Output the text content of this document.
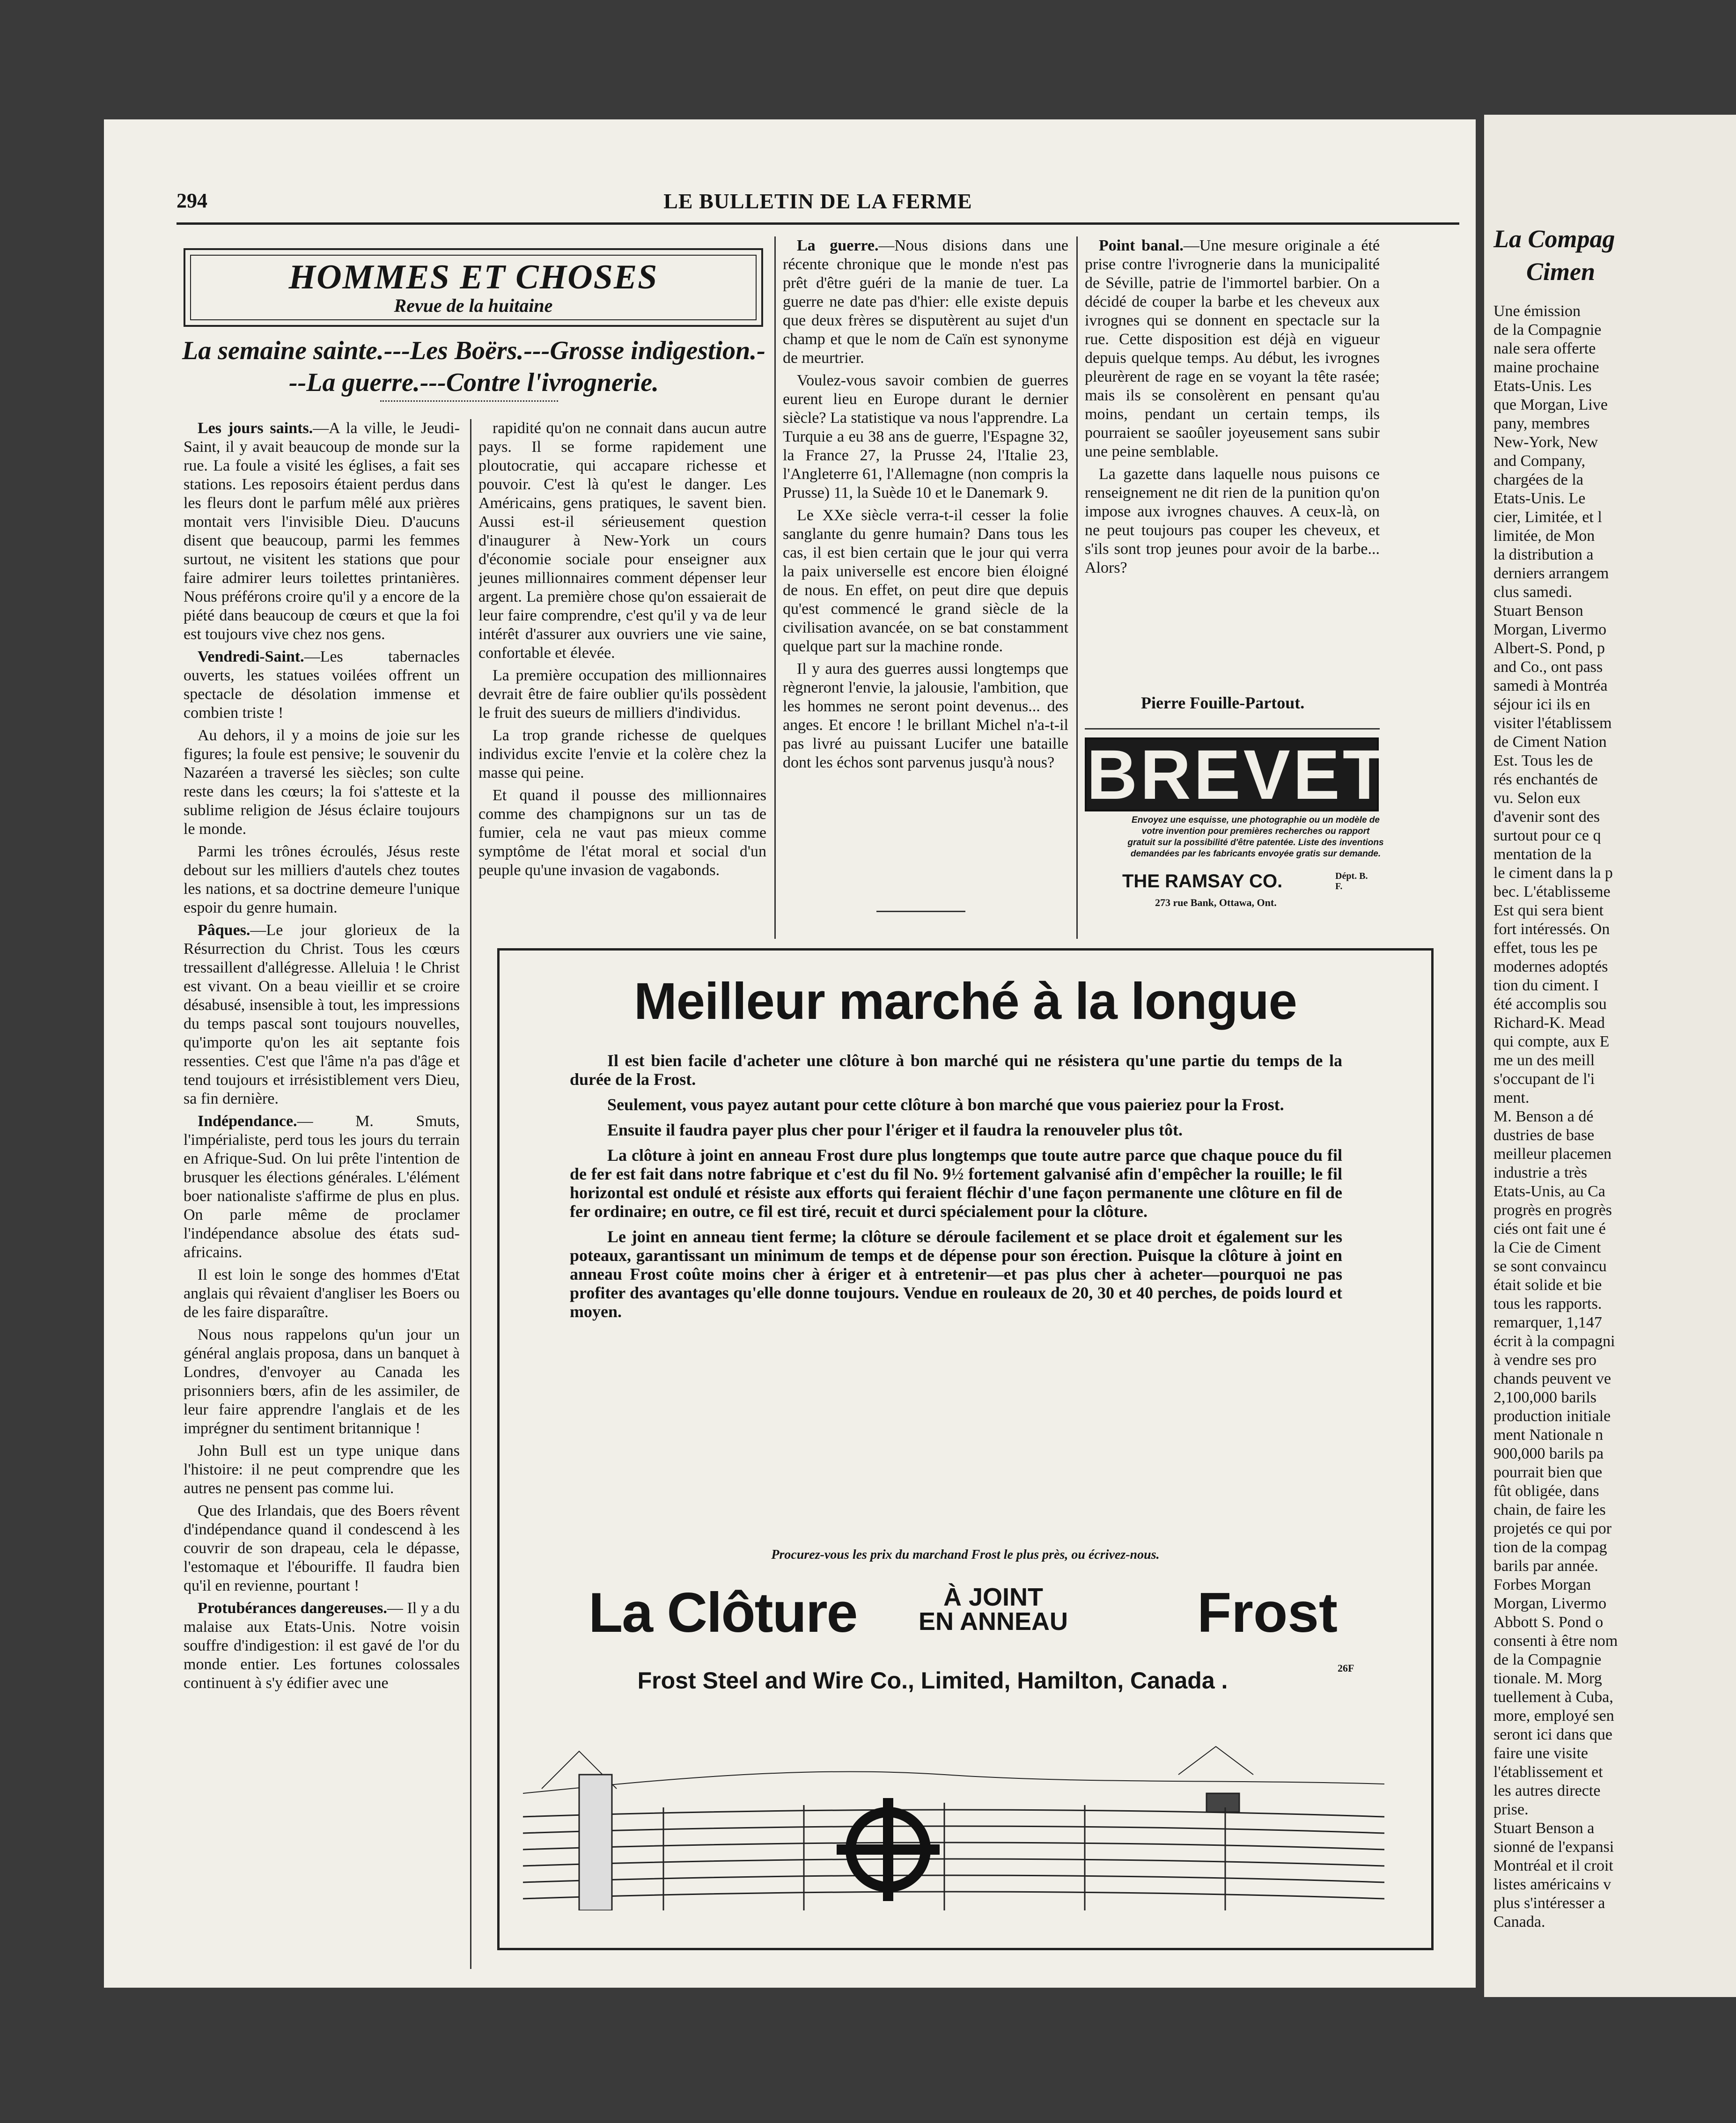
294	LE BULLETIN DE LA FERME
HOMMES ET CHOSES
Revue de la huitaine
La semaine sainte.---Les Boërs.---Grosse indigestion.---La guerre.---Contre l'ivrognerie.

Les jours saints.—A la ville, le Jeudi-Saint, il y avait beaucoup de monde sur la rue. La foule a visité les églises, a fait ses stations. Les reposoirs étaient perdus dans les fleurs dont le parfum mêlé aux prières montait vers l'invisible Dieu. D'aucuns disent que beaucoup, parmi les femmes surtout, ne visitent les stations que pour faire admirer leurs toilettes printanières. Nous préférons croire qu'il y a encore de la piété dans beaucoup de cœurs et que la foi est toujours vive chez nos gens.

Vendredi-Saint.—Les tabernacles ouverts, les statues voilées offrent un spectacle de désolation immense et combien triste !

Au dehors, il y a moins de joie sur les figures; la foule est pensive; le souvenir du Nazaréen a traversé les siècles; son culte reste dans les cœurs; la foi s'atteste et la sublime religion de Jésus éclaire toujours le monde.

Parmi les trônes écroulés, Jésus reste debout sur les milliers d'autels chez toutes les nations, et sa doctrine demeure l'unique espoir du genre humain.

Pâques.—Le jour glorieux de la Résurrection du Christ. Tous les cœurs tressaillent d'allégresse. Alleluia ! le Christ est vivant. On a beau vieillir et se croire désabusé, insensible à tout, les impressions du temps pascal sont toujours nouvelles, qu'importe qu'on les ait septante fois ressenties. C'est que l'âme n'a pas d'âge et tend toujours et irrésistiblement vers Dieu, sa fin dernière.

Indépendance.— M. Smuts, l'impérialiste, perd tous les jours du terrain en Afrique-Sud. On lui prête l'intention de brusquer les élections générales. L'élément boer nationaliste s'affirme de plus en plus. On parle même de proclamer l'indépendance absolue des états sud-africains.

Il est loin le songe des hommes d'Etat anglais qui rêvaient d'angliser les Boers ou de les faire disparaître.

Nous nous rappelons qu'un jour un général anglais proposa, dans un banquet à Londres, d'envoyer au Canada les prisonniers bœrs, afin de les assimiler, de leur faire apprendre l'anglais et de les imprégner du sentiment britannique !

John Bull est un type unique dans l'histoire: il ne peut comprendre que les autres ne pensent pas comme lui.

Que des Irlandais, que des Boers rêvent d'indépendance quand il condescend à les couvrir de son drapeau, cela le dépasse, l'estomaque et l'ébouriffe. Il faudra bien qu'il en revienne, pourtant !

Protubérances dangereuses.— Il y a du malaise aux Etats-Unis. Notre voisin souffre d'indigestion: il est gavé de l'or du monde entier. Les fortunes colossales continuent à s'y édifier avec une

rapidité qu'on ne connait dans aucun autre pays. Il se forme rapidement une ploutocratie, qui accapare richesse et pouvoir. C'est là qu'est le danger. Les Américains, gens pratiques, le savent bien. Aussi est-il sérieusement question d'inaugurer à New-York un cours d'économie sociale pour enseigner aux jeunes millionnaires comment dépenser leur argent. La première chose qu'on essaierait de leur faire comprendre, c'est qu'il y va de leur intérêt d'assurer aux ouvriers une vie saine, confortable et élevée.

La première occupation des millionnaires devrait être de faire oublier qu'ils possèdent le fruit des sueurs de milliers d'individus.

La trop grande richesse de quelques individus excite l'envie et la colère chez la masse qui peine.

Et quand il pousse des millionnaires comme des champignons sur un tas de fumier, cela ne vaut pas mieux comme symptôme de l'état moral et social d'un peuple qu'une invasion de vagabonds.

La guerre.—Nous disions dans une récente chronique que le monde n'est pas prêt d'être guéri de la manie de tuer. La guerre ne date pas d'hier: elle existe depuis que deux frères se disputèrent au sujet d'un champ et que le nom de Caïn est synonyme de meurtrier.

Voulez-vous savoir combien de guerres eurent lieu en Europe durant le dernier siècle? La statistique va nous l'apprendre. La Turquie a eu 38 ans de guerre, l'Espagne 32, la France 27, la Prusse 24, l'Italie 23, l'Angleterre 61, l'Allemagne (non compris la Prusse) 11, la Suède 10 et le Danemark 9.

Le XXe siècle verra-t-il cesser la folie sanglante du genre humain? Dans tous les cas, il est bien certain que le jour qui verra la paix universelle est encore bien éloigné de nous. En effet, on peut dire que depuis qu'est commencé le grand siècle de la civilisation avancée, on se bat constamment quelque part sur la machine ronde.

Il y aura des guerres aussi longtemps que règneront l'envie, la jalousie, l'ambition, que les hommes ne seront point devenus... des anges. Et encore ! le brillant Michel n'a-t-il pas livré au puissant Lucifer une bataille dont les échos sont parvenus jusqu'à nous?

Point banal.—Une mesure originale a été prise contre l'ivrognerie dans la municipalité de Séville, patrie de l'immortel barbier. On a décidé de couper la barbe et les cheveux aux ivrognes qui se donnent en spectacle sur la rue. Cette disposition est déjà en vigueur depuis quelque temps. Au début, les ivrognes pleurèrent de rage en se voyant la tête rasée; mais ils se consolèrent en pensant qu'au moins, pendant un certain temps, ils pourraient se saoûler joyeusement sans subir une peine semblable.

La gazette dans laquelle nous puisons ce renseignement ne dit rien de la punition qu'on impose aux ivrognes chauves. A ceux-là, on ne peut toujours pas couper les cheveux, et s'ils sont trop jeunes pour avoir de la barbe... Alors?

Pierre Fouille-Partout.
BREVETS
Envoyez une esquisse, une photographie ou un modèle de votre invention pour premières recherches ou rapport gratuit sur la possibilité d'être patentée. Liste des inventions demandées par les fabricants envoyée gratis sur demande.
THE RAMSAY CO.	Dépt. B. F.
273 rue Bank, Ottawa, Ont.
Meilleur marché à la longue

Il est bien facile d'acheter une clôture à bon marché qui ne résistera qu'une partie du temps de la durée de la Frost.

Seulement, vous payez autant pour cette clôture à bon marché que vous paieriez pour la Frost.

Ensuite il faudra payer plus cher pour l'ériger et il faudra la renouveler plus tôt.

La clôture à joint en anneau Frost dure plus longtemps que toute autre parce que chaque pouce du fil de fer est fait dans notre fabrique et c'est du fil No. 9½ fortement galvanisé afin d'empêcher la rouille; le fil horizontal est ondulé et résiste aux efforts qui feraient fléchir d'une façon permanente une clôture en fil de fer ordinaire; en outre, ce fil est tiré, recuit et durci spécialement pour la clôture.

Le joint en anneau tient ferme; la clôture se déroule facilement et se place droit et également sur les poteaux, garantissant un minimum de temps et de dépense pour son érection. Puisque la clôture à joint en anneau Frost coûte moins cher à ériger et à entretenir—et pas plus cher à acheter—pourquoi ne pas profiter des avantages qu'elle donne toujours. Vendue en rouleaux de 20, 30 et 40 perches, de poids lourd et moyen.

Procurez-vous les prix du marchand Frost le plus près, ou écrivez-nous.
La Clôture	À JOINT
EN ANNEAU Frost
26F
Frost Steel and Wire Co., Limited, Hamilton, Canada .
La Compag
Cimen
Une émission
de la Compagnie
nale sera offerte
maine prochaine
Etats-Unis. Les
que Morgan, Live
pany, membres
New-York, New
and Company,
chargées de la
Etats-Unis. Le
cier, Limitée, et l
limitée, de Mon
la distribution a
derniers arrangem
clus samedi.
Stuart Benson
Morgan, Livermo
Albert-S. Pond, p
and Co., ont pass
samedi à Montréa
séjour ici ils en
visiter l'établissem
de Ciment Nation
Est. Tous les de
rés enchantés de
vu. Selon eux
d'avenir sont des
surtout pour ce q
mentation de la
le ciment dans la p
bec. L'établisseme
Est qui sera bient
fort intéressés. On
effet, tous les pe
modernes adoptés
tion du ciment. I
été accomplis sou
Richard-K. Mead
qui compte, aux E
me un des meill
s'occupant de l'i
ment.
M. Benson a dé
dustries de base
meilleur placemen
industrie a très
Etats-Unis, au Ca
progrès en progrès
ciés ont fait une é
la Cie de Ciment
se sont convaincu
était solide et bie
tous les rapports.
remarquer, 1,147
écrit à la compagni
à vendre ses pro
chands peuvent ve
2,100,000 barils
production initiale
ment Nationale n
900,000 barils pa
pourrait bien que
fût obligée, dans
chain, de faire les
projetés ce qui por
tion de la compag
barils par année.
Forbes Morgan
Morgan, Livermo
Abbott S. Pond o
consenti à être nom
de la Compagnie
tionale. M. Morg
tuellement à Cuba,
more, employé sen
seront ici dans que
faire une visite
l'établissement et
les autres directe
prise.
Stuart Benson a
sionné de l'expansi
Montréal et il croit
listes américains v
plus s'intéresser a
Canada.
